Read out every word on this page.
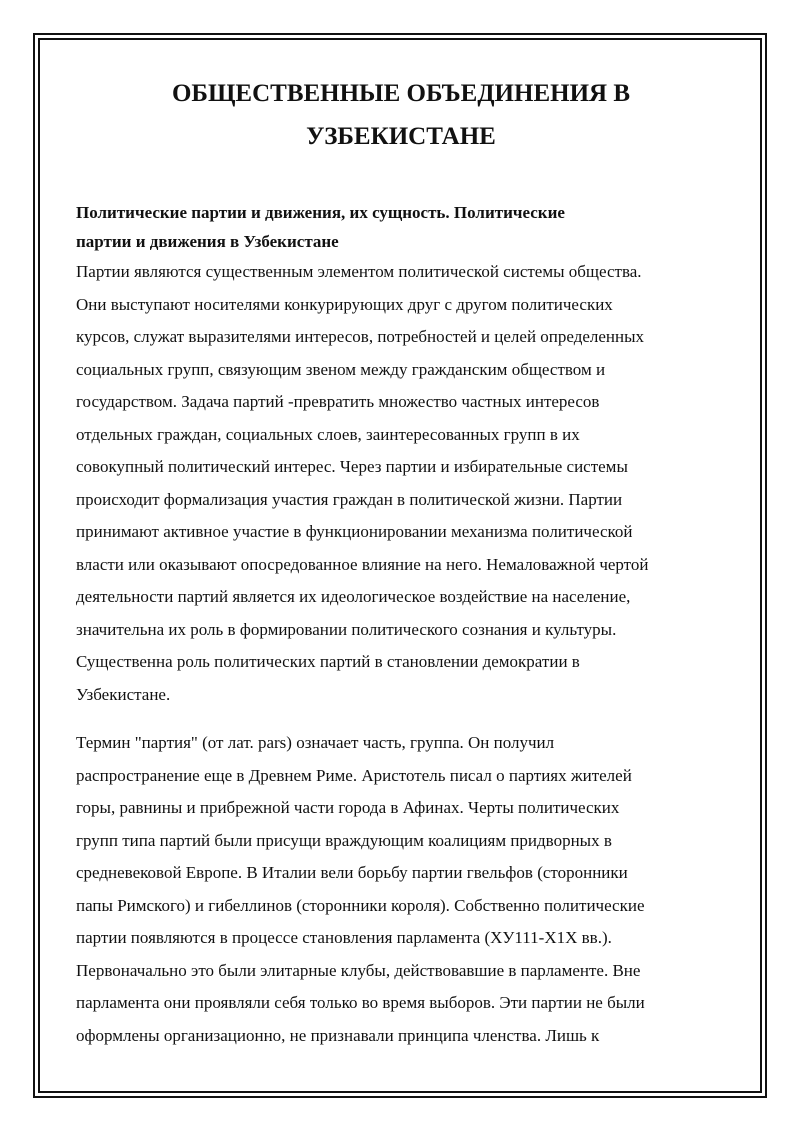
ОБЩЕСТВЕННЫЕ ОБЪЕДИНЕНИЯ В
УЗБЕКИСТАНЕ
Политические партии и движения, их сущность. Политические
партии и движения в Узбекистане

Партии являются существенным элементом политической системы общества.
Они выступают носителями конкурирующих друг с другом политических
курсов, служат выразителями интересов, потребностей и целей определенных
социальных групп, связующим звеном между гражданским обществом и
государством. Задача партий -превратить множество частных интересов
отдельных граждан, социальных слоев, заинтересованных групп в их
совокупный политический интерес. Через партии и избирательные системы
происходит формализация участия граждан в политической жизни. Партии
принимают активное участие в функционировании механизма политической
власти или оказывают опосредованное влияние на него. Немаловажной чертой
деятельности партий является их идеологическое воздействие на население,
значительна их роль в формировании политического сознания и культуры.
Существенна роль политических партий в становлении демократии в
Узбекистане.

Термин "партия" (от лат. pars) означает часть, группа. Он получил
распространение еще в Древнем Риме. Аристотель писал о партиях жителей
горы, равнины и прибрежной части города в Афинах. Черты политических
групп типа партий были присущи враждующим коалициям придворных в
средневековой Европе. В Италии вели борьбу партии гвельфов (сторонники
папы Римского) и гибеллинов (сторонники короля). Собственно политические
партии появляются в процессе становления парламента (XУ111-X1X вв.).
Первоначально это были элитарные клубы, действовавшие в парламенте. Вне
парламента они проявляли себя только во время выборов. Эти партии не были
оформлены организационно, не признавали принципа членства. Лишь к
